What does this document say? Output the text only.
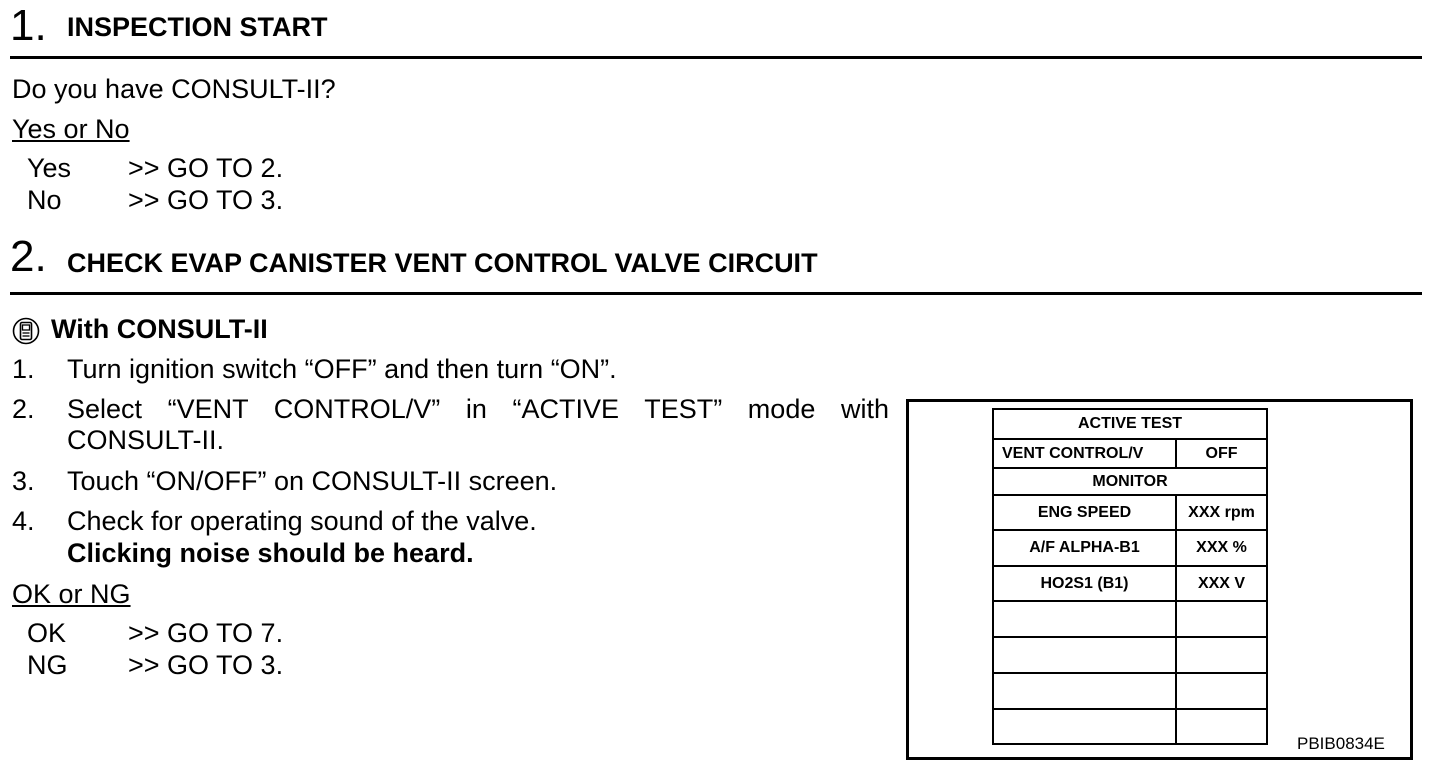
1. INSPECTION START
Do you have CONSULT-II?
Yes or No
Yes >> GO TO 2.
No >> GO TO 3.
2. CHECK EVAP CANISTER VENT CONTROL VALVE CIRCUIT
With CONSULT-II
1. Turn ignition switch “OFF” and then turn “ON”.
2. Select “VENT CONTROL/V” in “ACTIVE TEST” mode with
CONSULT-II.
3. Touch “ON/OFF” on CONSULT-II screen.
4. Check for operating sound of the valve.
Clicking noise should be heard.
OK or NG
OK >> GO TO 7.
NG >> GO TO 3.
ACTIVE TEST	
VENT CONTROL/V	OFF
MONITOR	
ENG SPEED	XXX rpm
A/F ALPHA-B1	XXX %
HO2S1 (B1)	XXX V

PBIB0834E
